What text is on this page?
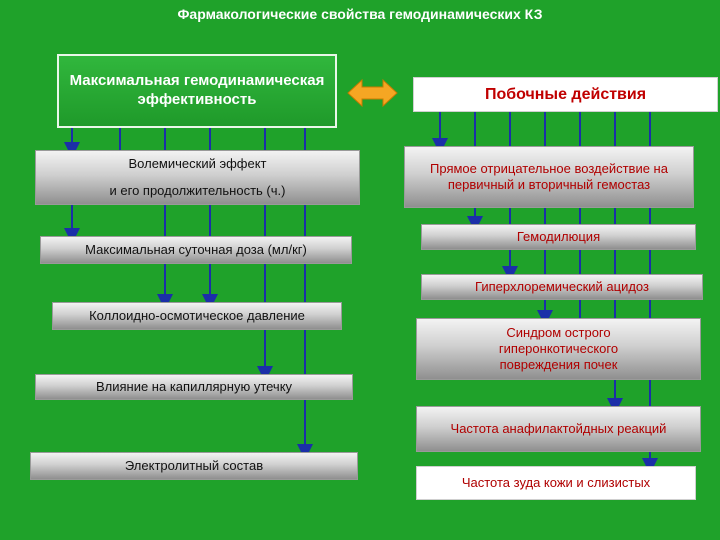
Фармакологические свойства гемодинамических КЗ
Максимальная гемодинамическая эффективность
Волемический эффект
и его продолжительность (ч.)
Максимальная суточная доза (мл/кг)
Коллоидно-осмотическое давление
Влияние на капиллярную утечку
Электролитный состав
Побочные действия
Прямое отрицательное воздействие на первичный и вторичный гемостаз
Гемодилюция
Гиперхлоремический ацидоз
Синдром острого гиперонкотического повреждения почек
Частота анафилактойдных реакций
Частота зуда кожи и слизистых
